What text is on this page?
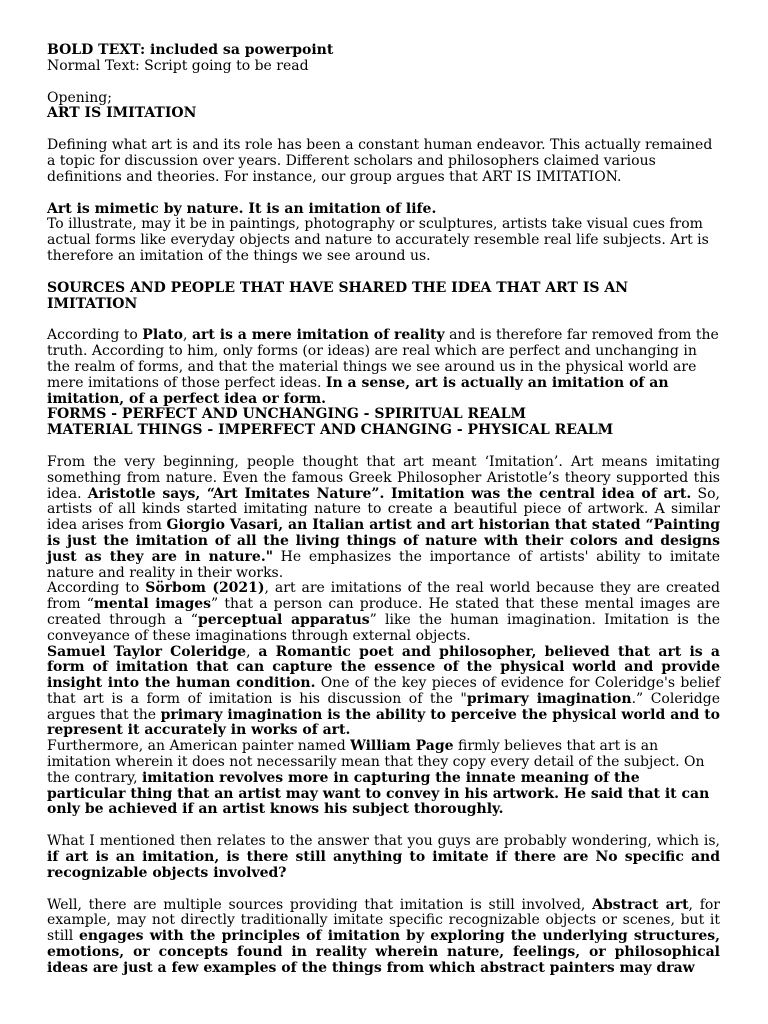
BOLD TEXT: included sa powerpoint

Normal Text: Script going to be read

Opening;

ART IS IMITATION

Defining what art is and its role has been a constant human endeavor. This actually remained a topic for discussion over years. Different scholars and philosophers claimed various definitions and theories. For instance, our group argues that ART IS IMITATION.

Art is mimetic by nature. It is an imitation of life.

To illustrate, may it be in paintings, photography or sculptures, artists take visual cues from actual forms like everyday objects and nature to accurately resemble real life subjects. Art is therefore an imitation of the things we see around us.

SOURCES AND PEOPLE THAT HAVE SHARED THE IDEA THAT ART IS AN IMITATION

According to Plato, art is a mere imitation of reality and is therefore far removed from the truth. According to him, only forms (or ideas) are real which are perfect and unchanging in the realm of forms, and that the material things we see around us in the physical world are mere imitations of those perfect ideas. In a sense, art is actually an imitation of an imitation, of a perfect idea or form.

FORMS - PERFECT AND UNCHANGING - SPIRITUAL REALM

MATERIAL THINGS - IMPERFECT AND CHANGING - PHYSICAL REALM

From the very beginning, people thought that art meant ‘Imitation’. Art means imitating something from nature. Even the famous Greek Philosopher Aristotle’s theory supported this idea. Aristotle says, “Art Imitates Nature”. Imitation was the central idea of art. So, artists of all kinds started imitating nature to create a beautiful piece of artwork. A similar idea arises from Giorgio Vasari, an Italian artist and art historian that stated “Painting is just the imitation of all the living things of nature with their colors and designs just as they are in nature." He emphasizes the importance of artists' ability to imitate nature and reality in their works.

According to Sörbom (2021), art are imitations of the real world because they are created from “mental images” that a person can produce. He stated that these mental images are created through a “perceptual apparatus” like the human imagination. Imitation is the conveyance of these imaginations through external objects.

Samuel Taylor Coleridge, a Romantic poet and philosopher, believed that art is a form of imitation that can capture the essence of the physical world and provide insight into the human condition. One of the key pieces of evidence for Coleridge's belief that art is a form of imitation is his discussion of the "primary imagination.” Coleridge argues that the primary imagination is the ability to perceive the physical world and to represent it accurately in works of art.

Furthermore, an American painter named William Page firmly believes that art is an imitation wherein it does not necessarily mean that they copy every detail of the subject. On the contrary, imitation revolves more in capturing the innate meaning of the particular thing that an artist may want to convey in his artwork. He said that it can only be achieved if an artist knows his subject thoroughly.

What I mentioned then relates to the answer that you guys are probably wondering, which is, if art is an imitation, is there still anything to imitate if there are No specific and recognizable objects involved?

Well, there are multiple sources providing that imitation is still involved, Abstract art, for example, may not directly traditionally imitate specific recognizable objects or scenes, but it still engages with the principles of imitation by exploring the underlying structures, emotions, or concepts found in reality wherein nature, feelings, or philosophical ideas are just a few examples of the things from which abstract painters may draw
